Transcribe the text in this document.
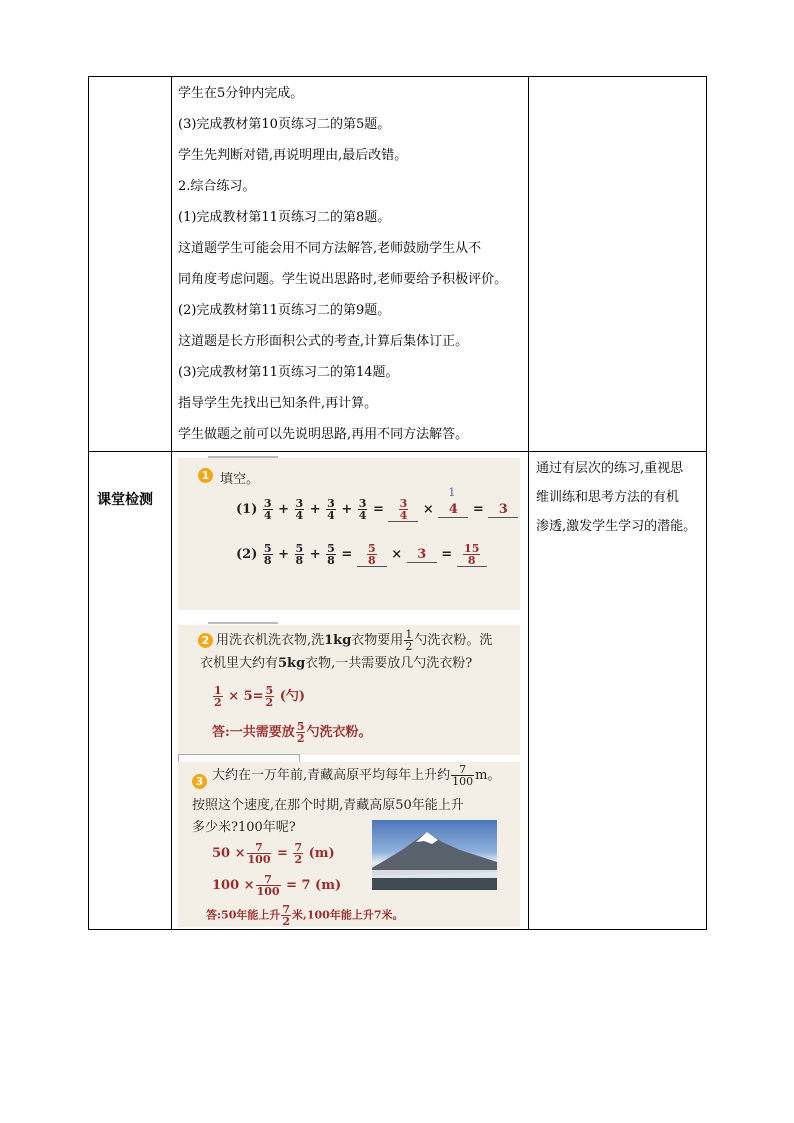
学生在5分钟内完成。

(3)完成教材第10页练习二的第5题。

学生先判断对错,再说明理由,最后改错。

2.综合练习。

(1)完成教材第11页练习二的第8题。

这道题学生可能会用不同方法解答,老师鼓励学生从不

同角度考虑问题。学生说出思路时,老师要给予积极评价。

(2)完成教材第11页练习二的第9题。

这道题是长方形面积公式的考查,计算后集体订正。

(3)完成教材第11页练习二的第14题。

指导学生先找出已知条件,再计算。

学生做题之前可以先说明思路,再用不同方法解答。

课堂检测

通过有层次的练习,重视思

维训练和思考方法的有机

渗透,激发学生学习的潜能。

1 填空。
$(1) \frac{3}{4} + \frac{3}{4} + \frac{3}{4} + \frac{3}{4} = \frac{3}{4}$ ×
1
4 = 3
$(2) \frac{5}{8} + \frac{5}{8} + \frac{5}{8} = \frac{5}{8} \times 3 = \frac{15}{8}$
2 用洗衣机洗衣物,洗1kg衣物要用 $\frac{1}{2}$ 勺洗衣粉。洗
衣机里大约有5kg衣物,一共需要放几勺洗衣粉?
$\frac{1}{2} \times 5= \frac{5}{2}$ (勺)
答:一共需要放 $\frac{5}{2}$ 勺洗衣粉。
3 大约在一万年前,青藏高原平均每年上升约 $\frac{7}{100}$ m。
按照这个速度,在那个时期,青藏高原50年能上升
多少米?100年呢?
$50 \times \frac{7}{100} = \frac{7}{2} (m)$
$100 \times \frac{7}{100} = 7$ (m)
答:50年能上升 $\frac{7}{2}$ 米,100年能上升7米。
